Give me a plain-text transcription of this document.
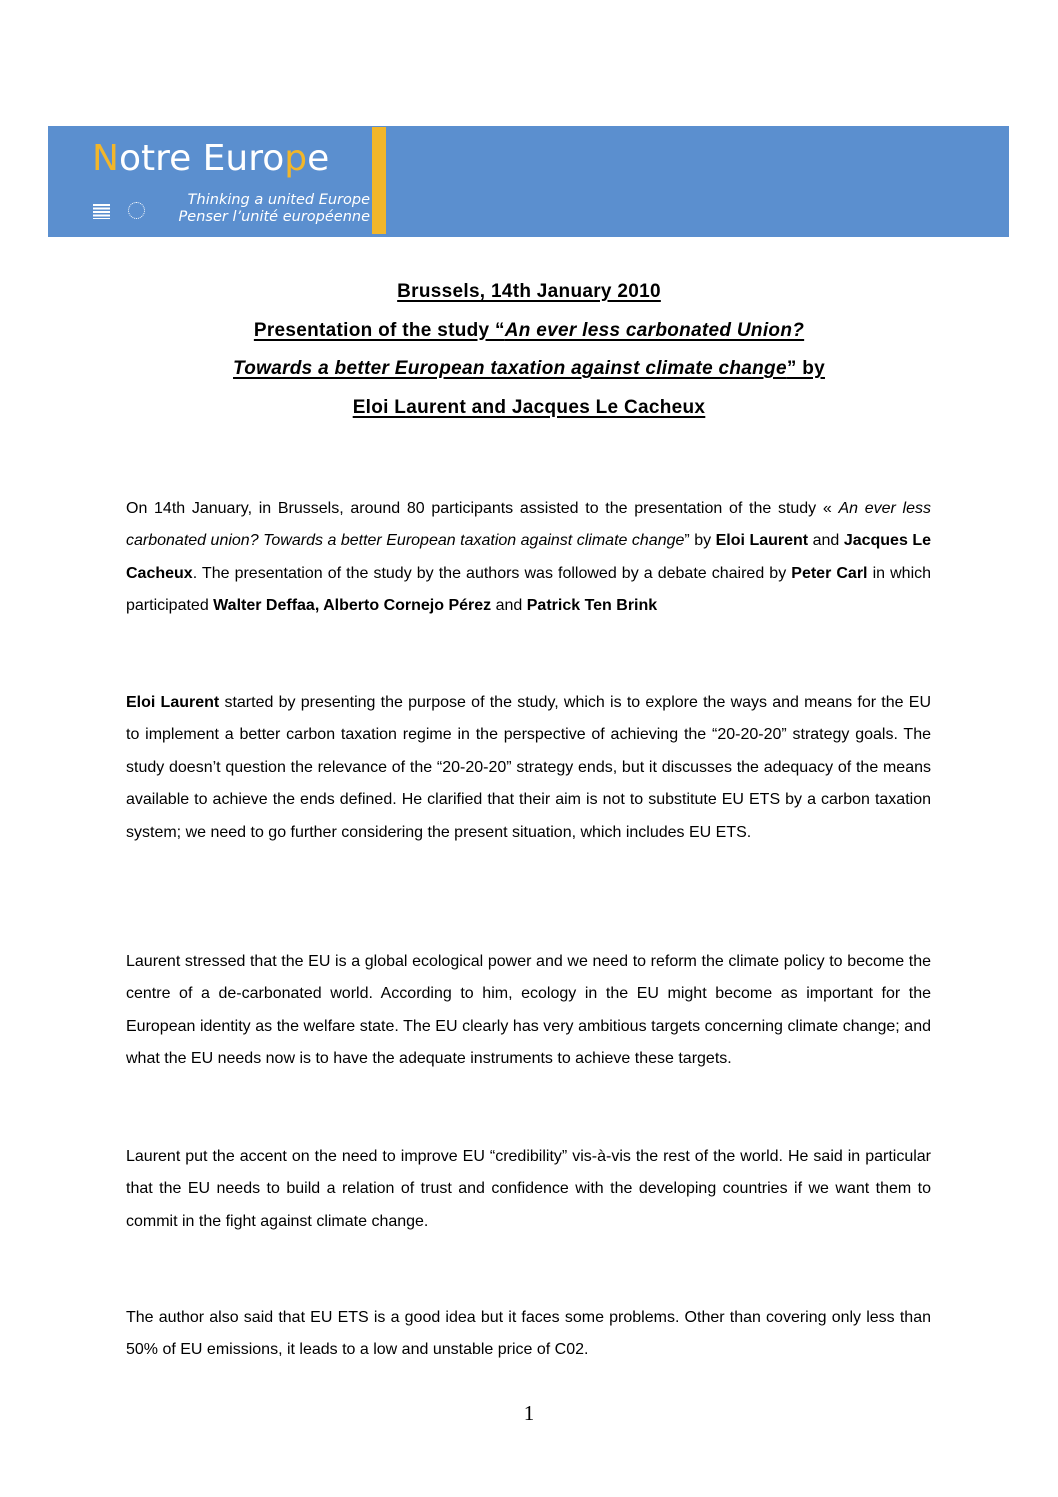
Notre Europe
Thinking a united Europe
Penser l’unité européenne
Brussels, 14th January 2010
Presentation of the study “An ever less carbonated Union?
Towards a better European taxation against climate change” by
Eloi Laurent and Jacques Le Cacheux

On 14th January, in Brussels, around 80 participants assisted to the presentation of the study « An ever less carbonated union? Towards a better European taxation against climate change” by Eloi Laurent and Jacques Le Cacheux. The presentation of the study by the authors was followed by a debate chaired by Peter Carl in which participated Walter Deffaa, Alberto Cornejo Pérez and Patrick Ten Brink

Eloi Laurent started by presenting the purpose of the study, which is to explore the ways and means for the EU to implement a better carbon taxation regime in the perspective of achieving the “20-20-20” strategy goals. The study doesn’t question the relevance of the “20-20-20” strategy ends, but it discusses the adequacy of the means available to achieve the ends defined. He clarified that their aim is not to substitute EU ETS by a carbon taxation system; we need to go further considering the present situation, which includes EU ETS.

Laurent stressed that the EU is a global ecological power and we need to reform the climate policy to become the centre of a de-carbonated world. According to him, ecology in the EU might become as important for the European identity as the welfare state. The EU clearly has very ambitious targets concerning climate change; and what the EU needs now is to have the adequate instruments to achieve these targets.

Laurent put the accent on the need to improve EU “credibility” vis-à-vis the rest of the world. He said in particular that the EU needs to build a relation of trust and confidence with the developing countries if we want them to commit in the fight against climate change.

The author also said that EU ETS is a good idea but it faces some problems. Other than covering only less than 50% of EU emissions, it leads to a low and unstable price of C02.

1
